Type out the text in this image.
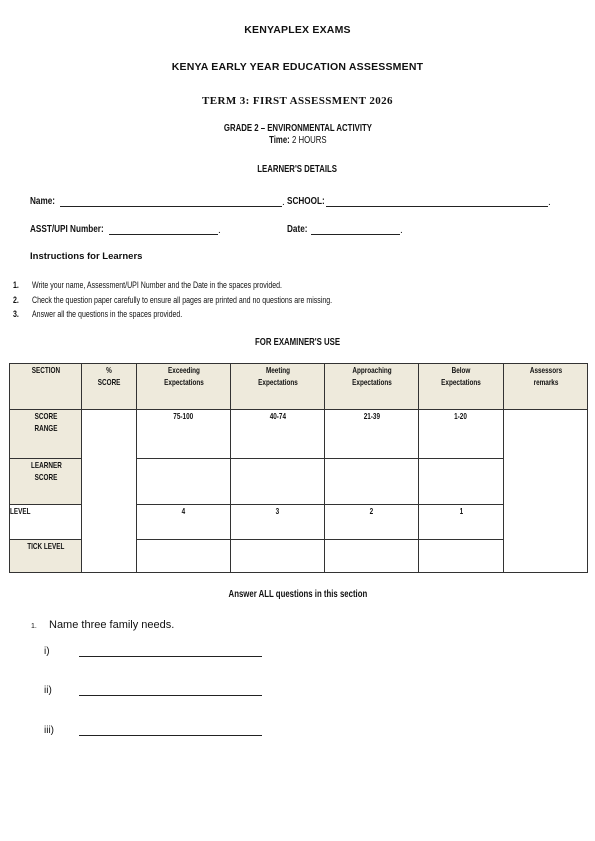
KENYAPLEX EXAMS
KENYA EARLY YEAR EDUCATION ASSESSMENT
TERM 3: FIRST ASSESSMENT 2026
GRADE 2 – ENVIRONMENTAL ACTIVITY
Time: 2 HOURS
LEARNER'S DETAILS
Name:	. SCHOOL:	.
ASST/UPI Number:	.	Date:	.
Instructions for Learners
1. Write your name, Assessment/UPI Number and the Date in the spaces provided.
2. Check the question paper carefully to ensure all pages are printed and no questions are missing.
3. Answer all the questions in the spaces provided.
FOR EXAMINER'S USE
SECTION	% SCORE	Exceeding Expectations	Meeting Expectations	Approaching Expectations	Below Expectations	Assessors remarks
SCORE RANGE		75-100	40-74	21-39	1-20	
LEARNER SCORE						
LEVEL		4	3	2	1	
TICK LEVEL						
Answer ALL questions in this section
1. Name three family needs.
i)
ii)
iii)
